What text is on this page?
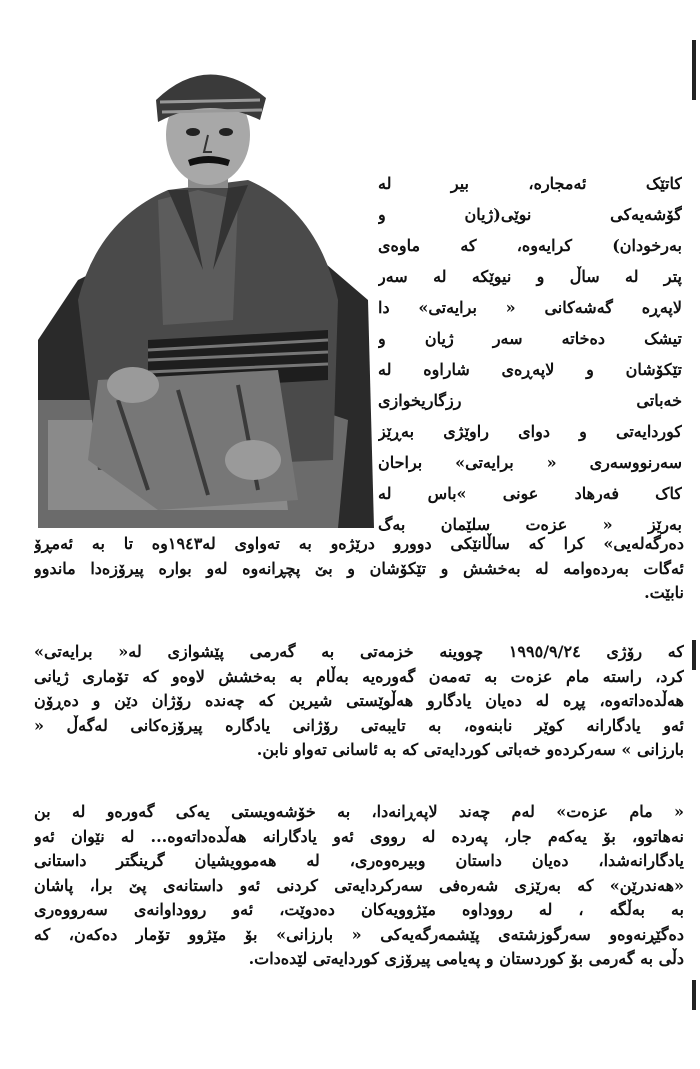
کاتێک ئەمجارە، بیر لە
گۆشەیەکی نوێی(ژیان و
بەرخودان) کرایەوە، کە ماوەی
پتر لە ساڵ و نیوێکە لە سەر
لاپەڕە گەشەکانی « برایەتی» دا
تیشک دەخاتە سەر ژیان و
تێکۆشان و لاپەڕەی شاراوە لە
خەباتی رزگاریخوازی
کوردایەتی و دوای راوێژی بەڕێز
سەرنووسەری « برایەتی» براحان
کاک فەرهاد عونی »باس لە
بەرێز « عزەت سلێمان بەگ
دەرگەلەیی» کرا کە ساڵانێکی دوورو درێژەو بە تەواوی لە١٩٤٣وە تا بە ئەمڕۆ
ئەگات بەردەوامە لە بەخشش و تێکۆشان و بێ پچڕانەوە لەو بوارە پیرۆزەدا ماندوو
نابێت.
کە رۆژی ١٩٩٥/٩/٢٤ چووینە خزمەتی بە گەرمی پێشوازی لە« برایەتی»
کرد، راستە مام عزەت بە تەمەن گەورەیە بەڵام بە بەخشش لاوەو کە تۆماری ژیانی
هەڵدەداتەوە، پڕە لە دەیان یادگارو هەڵوێستی شیرین کە چەندە رۆژان دێن و دەڕۆن
ئەو یادگارانە کوێر نابنەوە، بە تایبەتی رۆژانی یادگارە پیرۆزەکانی لەگەڵ «
بارزانی » سەرکردەو خەباتی کوردایەتی کە بە ئاسانی تەواو نابن.
« مام عزەت» لەم چەند لاپەڕانەدا، بە خۆشەویستی یەکی گەورەو لە بن
نەهاتوو، بۆ یەکەم جار، پەردە لە رووی ئەو یادگارانە هەڵدەداتەوە... لە نێوان ئەو
یادگارانەشدا، دەیان داستان وبیرەوەری، لە هەموویشیان گرینگتر داستانی
«هەندرێن» کە بەرێزی شەرەفی سەرکردایەتی کردنی ئەو داستانەی پێ برا، پاشان
بە بەڵگە ، لە رووداوە مێژوویەکان دەدوێت، ئەو رووداوانەی سەرووەری
دەگێڕنەوەو سەرگوزشتەی پێشمەرگەیەکی « بارزانی» بۆ مێژوو تۆمار دەکەن، کە
دڵی بە گەرمی بۆ کوردستان و پەیامی پیرۆزی کوردایەتی لێدەدات.
